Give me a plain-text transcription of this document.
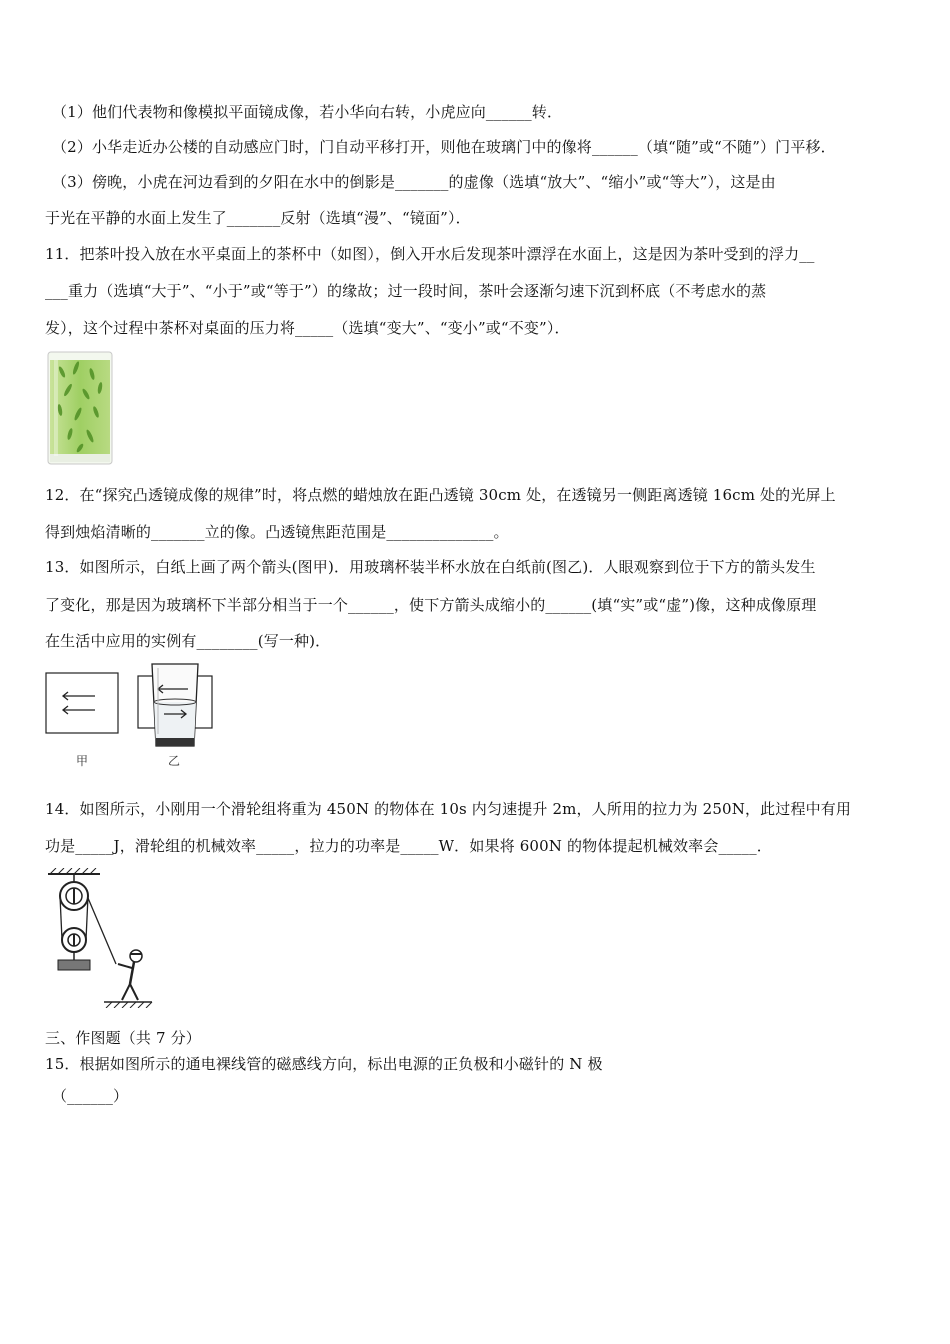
（1）他们代表物和像模拟平面镜成像，若小华向右转，小虎应向______转．
（2）小华走近办公楼的自动感应门时，门自动平移打开，则他在玻璃门中的像将______（填“随”或“不随”）门平移．
（3）傍晚，小虎在河边看到的夕阳在水中的倒影是_______的虚像（选填“放大”、“缩小”或“等大”），这是由
于光在平静的水面上发生了_______反射（选填“漫”、“镜面”）．
11．把茶叶投入放在水平桌面上的茶杯中（如图），倒入开水后发现茶叶漂浮在水面上，这是因为茶叶受到的浮力__
___重力（选填“大于”、“小于”或“等于”）的缘故；过一段时间，茶叶会逐渐匀速下沉到杯底（不考虑水的蒸
发），这个过程中茶杯对桌面的压力将_____（选填“变大”、“变小”或“不变”）．
12．在“探究凸透镜成像的规律”时，将点燃的蜡烛放在距凸透镜 30cm 处，在透镜另一侧距离透镜 16cm 处的光屏上
得到烛焰清晰的_______立的像。凸透镜焦距范围是______________。
13．如图所示，白纸上画了两个箭头(图甲)．用玻璃杯装半杯水放在白纸前(图乙)．人眼观察到位于下方的箭头发生
了变化，那是因为玻璃杯下半部分相当于一个______，使下方箭头成缩小的______(填“实”或“虚”)像，这种成像原理
在生活中应用的实例有________(写一种)．
甲	乙
14．如图所示，小刚用一个滑轮组将重为 450N 的物体在 10s 内匀速提升 2m，人所用的拉力为 250N，此过程中有用
功是_____J，滑轮组的机械效率_____，拉力的功率是_____W．如果将 600N 的物体提起机械效率会_____．
三、作图题（共 7 分）
15．根据如图所示的通电裸线管的磁感线方向，标出电源的正负极和小磁针的 N 极
（______）
